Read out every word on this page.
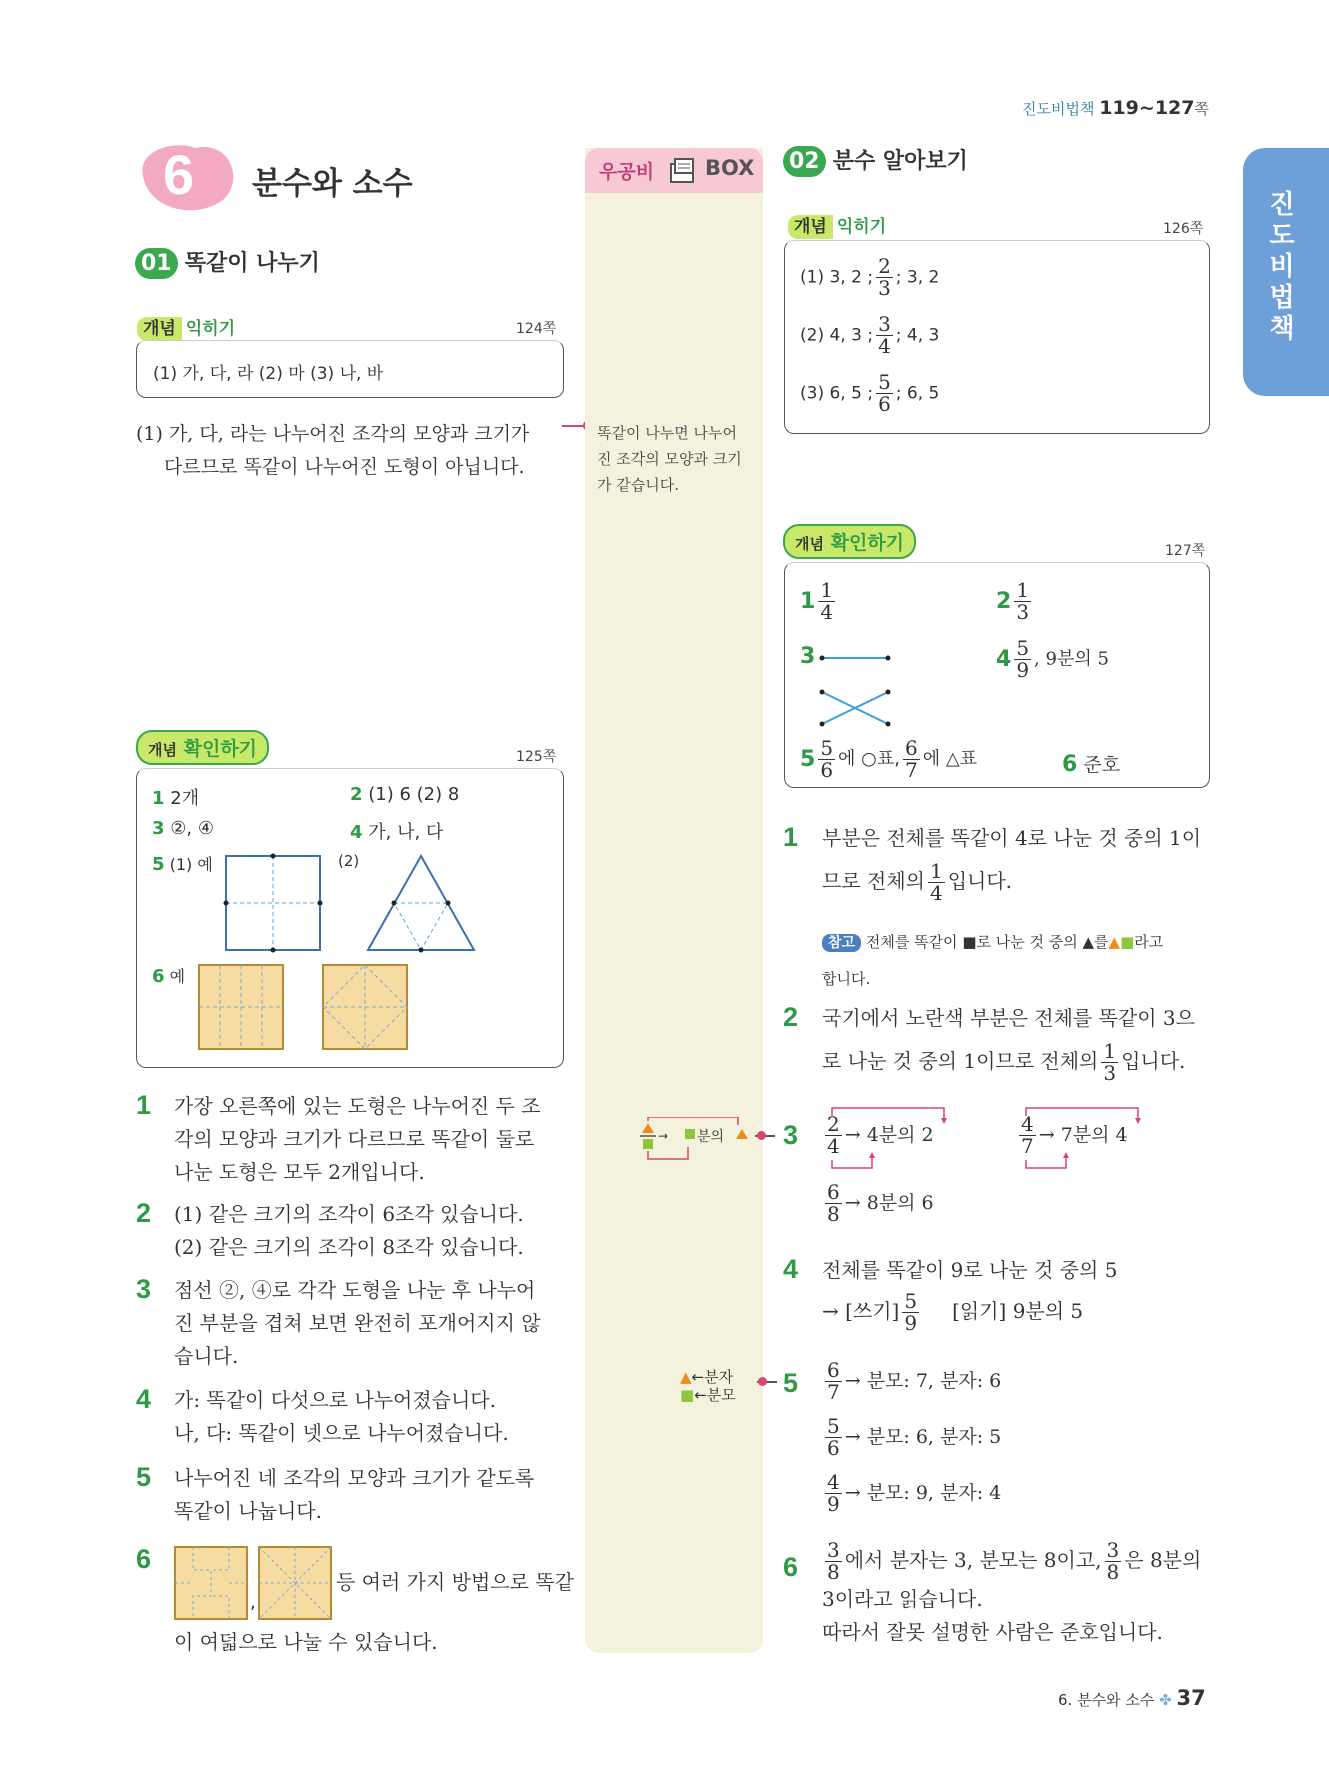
진도비법책 119~127쪽
진
도
비
법
책
6 분수와 소수
01 똑같이 나누기
개념 익히기	124쪽
(1) 가, 다, 라 (2) 마 (3) 나, 바
(1) 가, 다, 라는 나누어진 조각의 모양과 크기가
다르므로 똑같이 나누어진 도형이 아닙니다.
우공비 BOX
똑같이 나누면 나누어
진 조각의 모양과 크기
가 같습니다.
→ 분의
▲←분자
■←분모
개념 확인하기	125쪽
1 2개	2 (1) 6 (2) 8
3 ②, ④	4 가, 나, 다
5 (1) 예	(2)
6 예
1 가장 오른쪽에 있는 도형은 나누어진 두 조
각의 모양과 크기가 다르므로 똑같이 둘로
나눈 도형은 모두 2개입니다.
2 (1) 같은 크기의 조각이 6조각 있습니다.
(2) 같은 크기의 조각이 8조각 있습니다.
3 점선 ②, ④로 각각 도형을 나눈 후 나누어
진 부분을 겹쳐 보면 완전히 포개어지지 않
습니다.
4 가: 똑같이 다섯으로 나누어졌습니다.
나, 다: 똑같이 넷으로 나누어졌습니다.
5 나누어진 네 조각의 모양과 크기가 같도록
똑같이 나눕니다.
6
,
등 여러 가지 방법으로 똑같
이 여덟으로 나눌 수 있습니다.
02 분수 알아보기
개념 익히기	126쪽
(1) 3, 2 ; $\frac{2}{3}$ ; 3, 2
(2) 4, 3 ; $\frac{3}{4}$ ; 4, 3
(3) 6, 5 ; $\frac{5}{6}$ ; 6, 5
개념 확인하기	127쪽
$1 \frac{1}{4}$	$2 \frac{1}{3}$
3	$4 \frac{5}{9}$ , 9분의 5
$5 \frac{5}{6}$ 에 ○표, $\frac{6}{7}$ 에 △표	6 준호
1 부분은 전체를 똑같이 4로 나눈 것 중의 1이
므로 전체의 $\frac{1}{4}$ 입니다.
참고 전체를 똑같이 ■로 나눈 것 중의 ▲를▲■라고
합니다.
2 국기에서 노란색 부분은 전체를 똑같이 3으
로 나눈 것 중의 1이므로 전체의 $\frac{1}{3}$ 입니다.
$3 \frac{2}{4} \to 4$분의 2	$\frac{4}{7} \to 7$분의 4
$\frac{6}{8} \to 8$분의 6
4 전체를 똑같이 9로 나눈 것 중의 5
→ [쓰기] $\frac{5}{9}$ [읽기] 9분의 5
$5 \frac{6}{7}$ → 분모: 7, 분자: 6
$\frac{5}{6}$ → 분모: 6, 분자: 5
$\frac{4}{9}$ → 분모: 9, 분자: 4
$6 \frac{3}{8}$ 에서 분자는 3, 분모는 8이고, $\frac{3}{8}$ 은 8분의
3이라고 읽습니다.
따라서 잘못 설명한 사람은 준호입니다.
6. 분수와 소수 ✤ 37
